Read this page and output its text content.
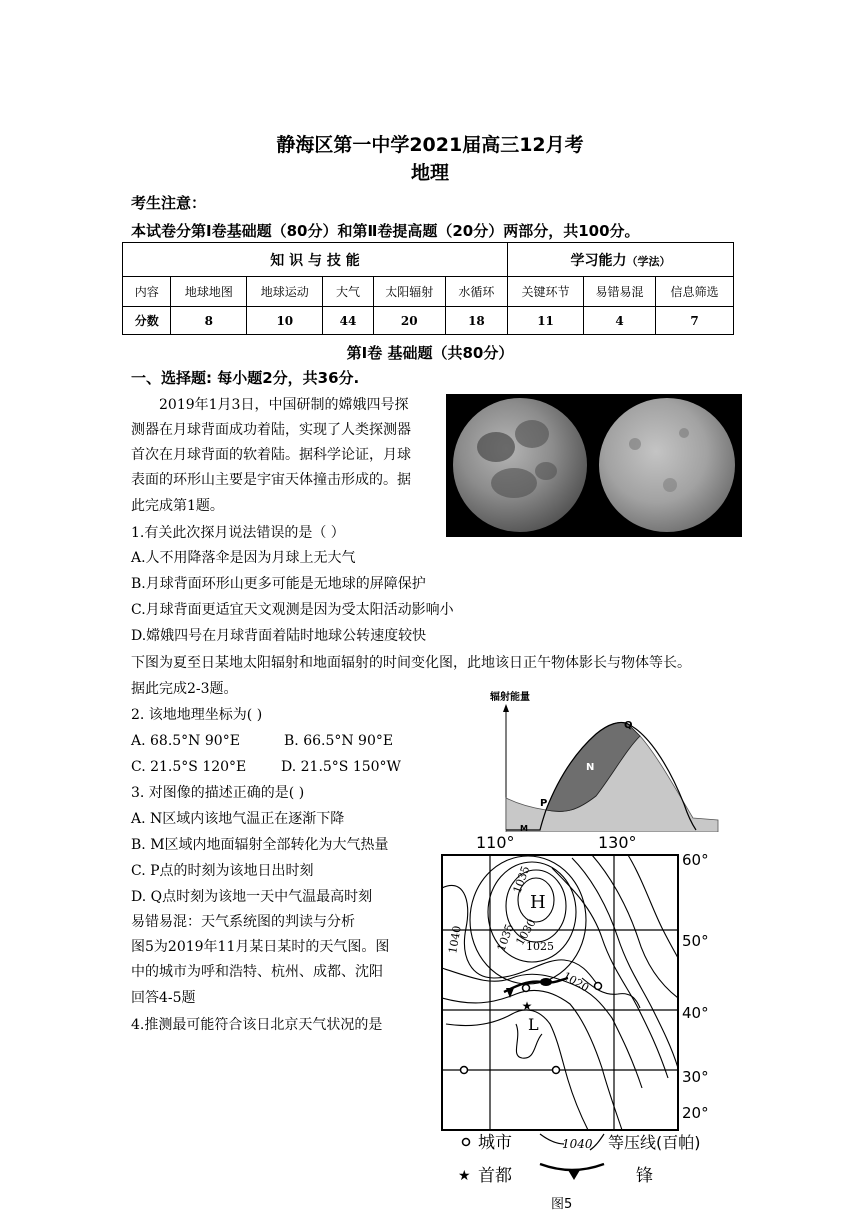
静海区第一中学2021届高三12月考
地理
考生注意：
本试卷分第Ⅰ卷基础题（80分）和第Ⅱ卷提高题（20分）两部分，共100分。
知 识 与 技 能						学习能力（学法）		
内容	地球地图	地球运动	大气	太阳辐射	水循环	关键环节	易错易混	信息筛选
分数	8	10	44	20	18	11	4	7
第Ⅰ卷 基础题（共80分）
一、选择题: 每小题2分，共36分.
2019年1月3日，中国研制的嫦娥四号探
测器在月球背面成功着陆，实现了人类探测器
首次在月球背面的软着陆。据科学论证，月球
表面的环形山主要是宇宙天体撞击形成的。据
此完成第1题。
1.有关此次探月说法错误的是（ ）
A.人不用降落伞是因为月球上无大气
B.月球背面环形山更多可能是无地球的屏障保护
C.月球背面更适宜天文观测是因为受太阳活动影响小
D.嫦娥四号在月球背面着陆时地球公转速度较快
下图为夏至日某地太阳辐射和地面辐射的时间变化图，此地该日正午物体影长与物体等长。
据此完成2-3题。
2. 该地地理坐标为( )
A. 68.5°N 90°E	B. 66.5°N 90°E
C. 21.5°S 120°E D. 21.5°S 150°W
3. 对图像的描述正确的是( )
A. N区域内该地气温正在逐渐下降
B. M区域内地面辐射全部转化为大气热量
C. P点的时刻为该地日出时刻
D. Q点时刻为该地一天中气温最高时刻
易错易混：天气系统图的判读与分析
图5为2019年11月某日某时的天气图。图
中的城市为呼和浩特、杭州、成都、沈阳
回答4-5题
4.推测最可能符合该日北京天气状况的是
辐射能量
N
P
Q
M
110°	130°
60°
50°
40°
30°
20°
1035
1035
1030
1040	1025
1020
H
L
★
城市	1040 等压线(百帕)
★ 首都	锋
图5
